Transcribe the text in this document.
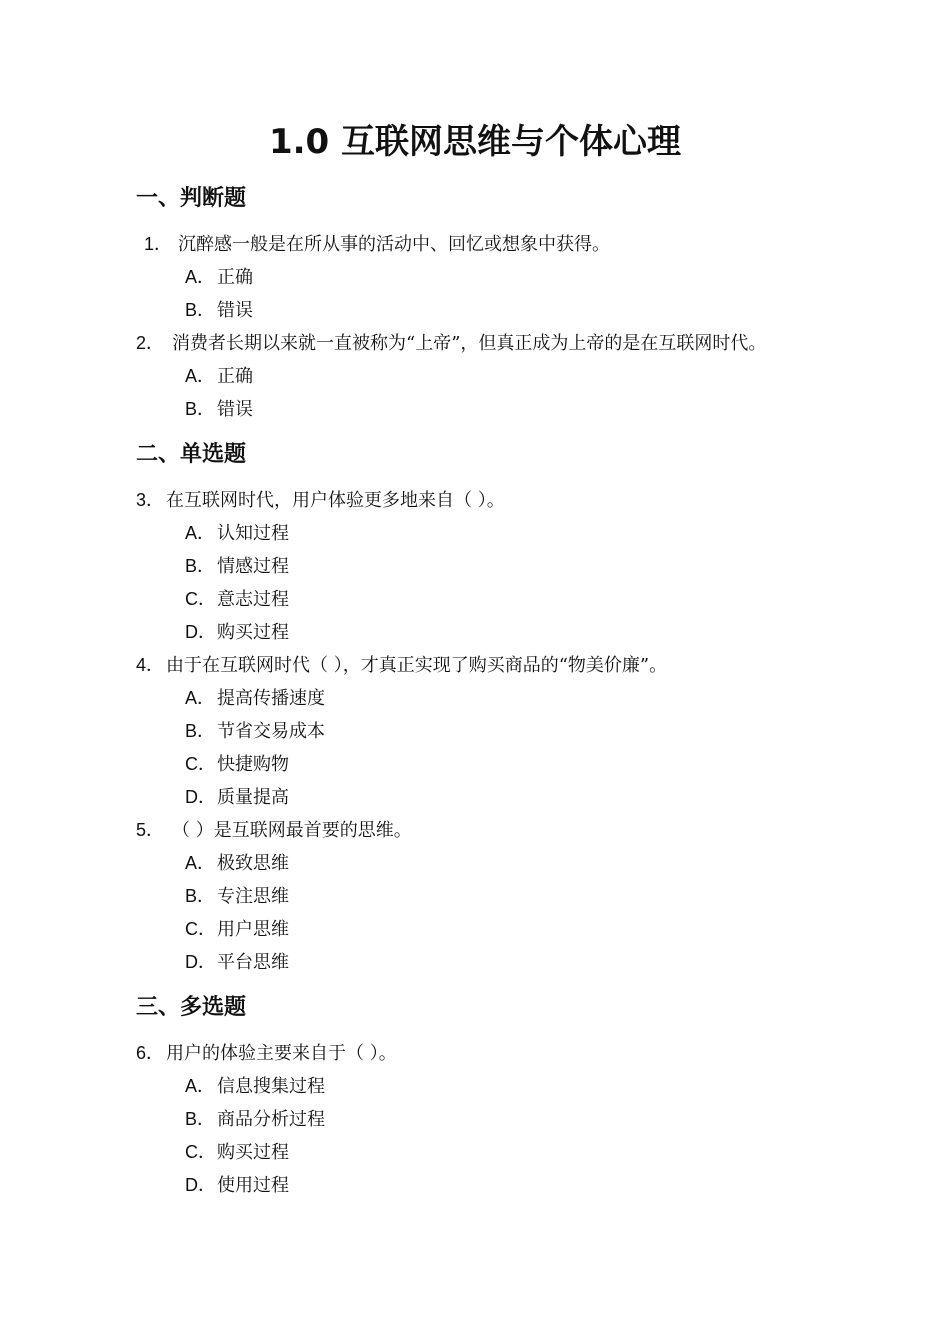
1.0 互联网思维与个体心理
一、判断题
1． 沉醉感一般是在所从事的活动中、回忆或想象中获得。
A． 正确
B． 错误
2． 消费者长期以来就一直被称为“上帝”，但真正成为上帝的是在互联网时代。
A． 正确
B． 错误
二、单选题
3． 在互联网时代，用户体验更多地来自（ ）。
A． 认知过程
B． 情感过程
C．意志过程
D．购买过程
4． 由于在互联网时代（ ），才真正实现了购买商品的“物美价廉”。
A． 提高传播速度
B． 节省交易成本
C．快捷购物
D．质量提高
5． （ ）是互联网最首要的思维。
A． 极致思维
B． 专注思维
C．用户思维
D．平台思维
三、多选题
6． 用户的体验主要来自于（ ）。
A． 信息搜集过程
B． 商品分析过程
C．购买过程
D．使用过程
